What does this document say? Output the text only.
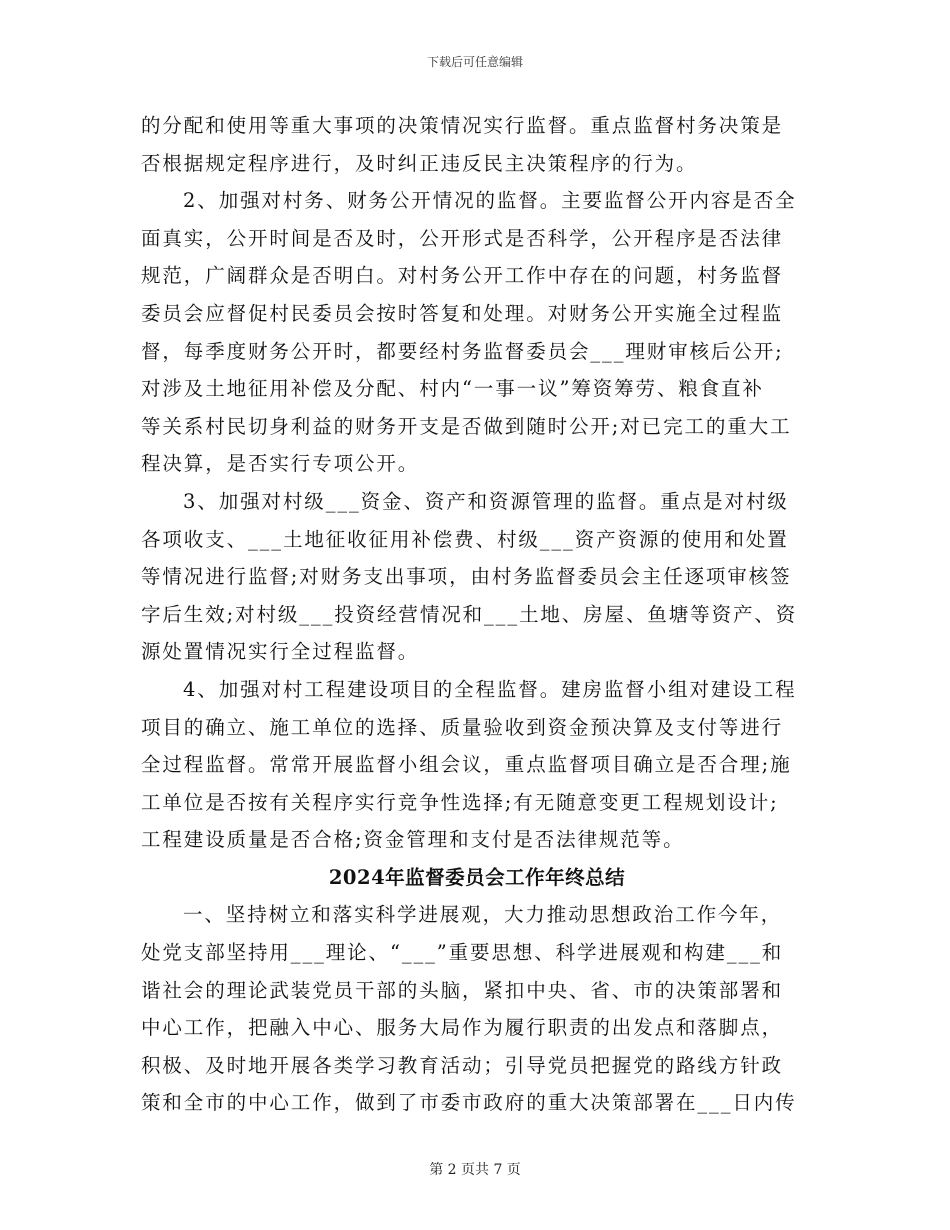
下载后可任意编辑
的分配和使用等重大事项的决策情况实行监督。重点监督村务决策是
否根据规定程序进行，及时纠正违反民主决策程序的行为。
2、加强对村务、财务公开情况的监督。主要监督公开内容是否全
面真实，公开时间是否及时，公开形式是否科学，公开程序是否法律
规范，广阔群众是否明白。对村务公开工作中存在的问题，村务监督
委员会应督促村民委员会按时答复和处理。对财务公开实施全过程监
督，每季度财务公开时，都要经村务监督委员会___理财审核后公开;
对涉及土地征用补偿及分配、村内“一事一议”筹资筹劳、粮食直补
等关系村民切身利益的财务开支是否做到随时公开;对已完工的重大工
程决算，是否实行专项公开。
3、加强对村级___资金、资产和资源管理的监督。重点是对村级
各项收支、___土地征收征用补偿费、村级___资产资源的使用和处置
等情况进行监督;对财务支出事项，由村务监督委员会主任逐项审核签
字后生效;对村级___投资经营情况和___土地、房屋、鱼塘等资产、资
源处置情况实行全过程监督。
4、加强对村工程建设项目的全程监督。建房监督小组对建设工程
项目的确立、施工单位的选择、质量验收到资金预决算及支付等进行
全过程监督。常常开展监督小组会议，重点监督项目确立是否合理;施
工单位是否按有关程序实行竞争性选择;有无随意变更工程规划设计;
工程建设质量是否合格;资金管理和支付是否法律规范等。
2024年监督委员会工作年终总结
一、坚持树立和落实科学进展观，大力推动思想政治工作今年，
处党支部坚持用___理论、“___”重要思想、科学进展观和构建___和
谐社会的理论武装党员干部的头脑，紧扣中央、省、市的决策部署和
中心工作，把融入中心、服务大局作为履行职责的出发点和落脚点，
积极、及时地开展各类学习教育活动；引导党员把握党的路线方针政
策和全市的中心工作，做到了市委市政府的重大决策部署在___日内传
第 2 页共 7 页
